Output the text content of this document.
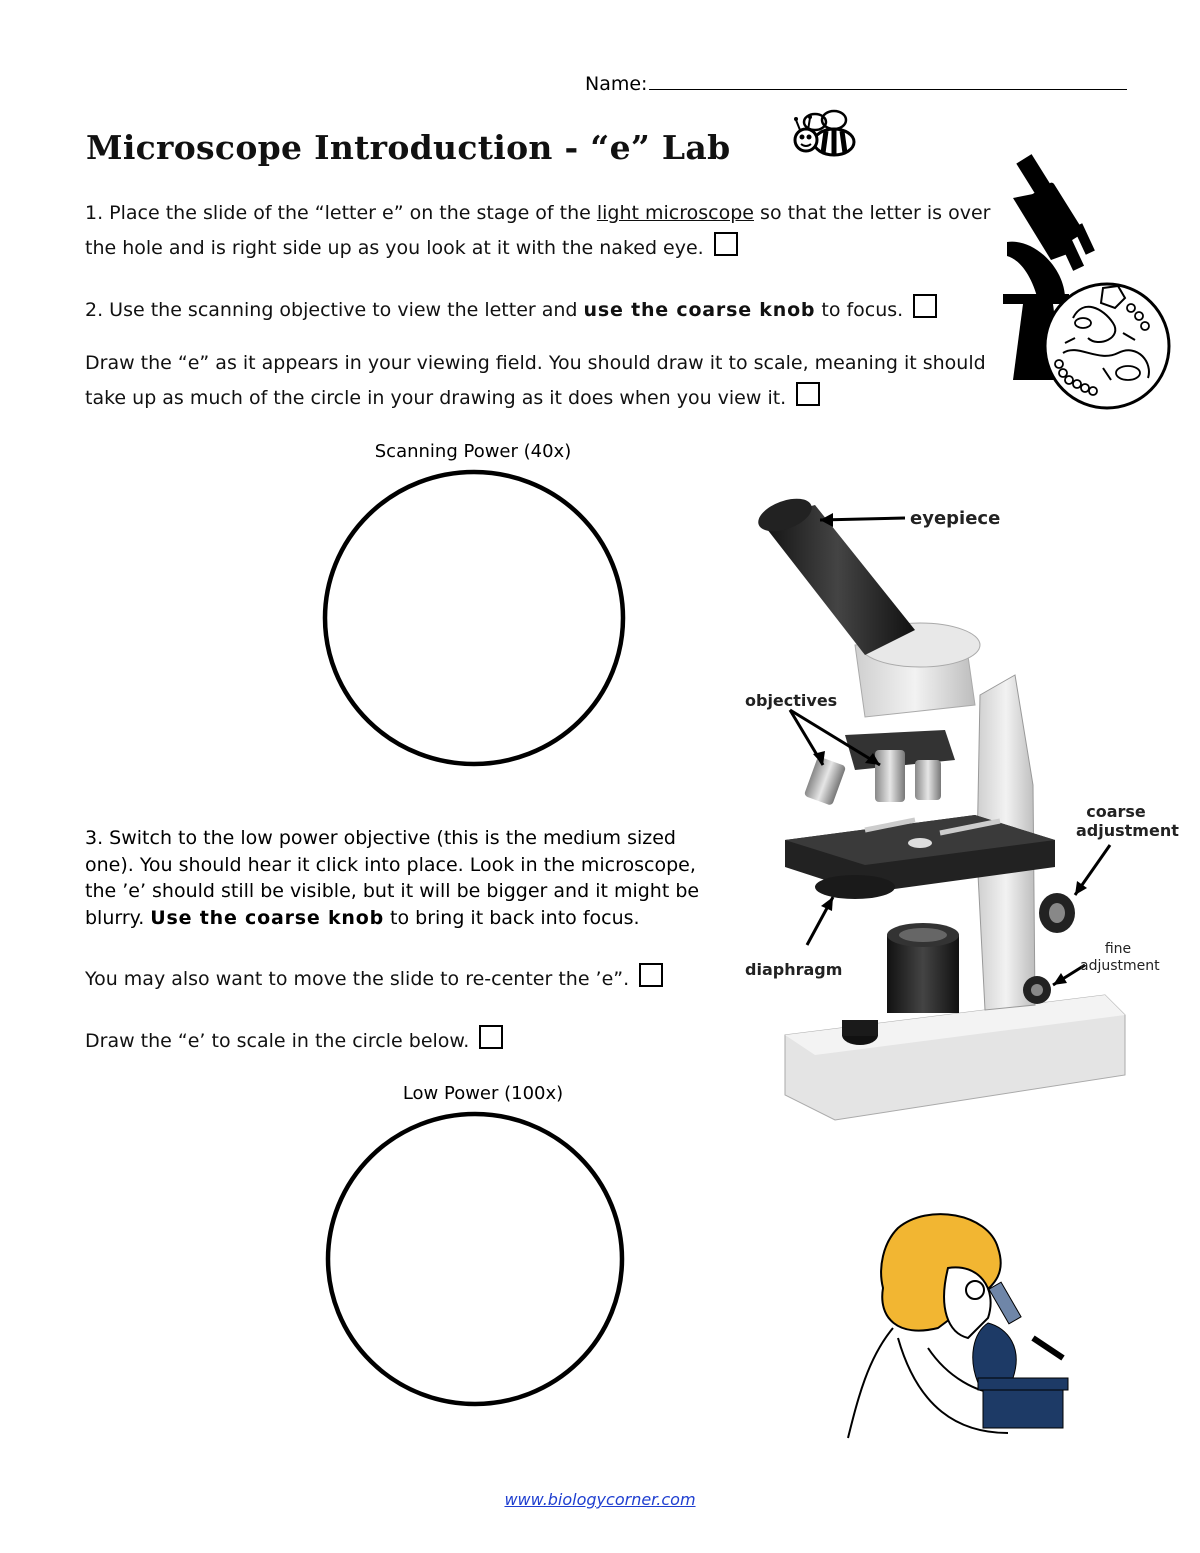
Name:
Microscope Introduction - “e” Lab
1. Place the slide of the “letter e” on the stage of the light microscope so that the letter is over
the hole and is right side up as you look at it with the naked eye.
2. Use the scanning objective to view the letter and use the coarse knob to focus.
Draw the “e” as it appears in your viewing field. You should draw it to scale, meaning it should
take up as much of the circle in your drawing as it does when you view it.
Scanning Power (40x)
3. Switch to the low power objective (this is the medium sized one). You should hear it click into place. Look in the microscope, the ’e’ should still be visible, but it will be bigger and it might be blurry. Use the coarse knob to bring it back into focus.
You may also want to move the slide to re-center the ’e”.
Draw the “e’ to scale in the circle below.
Low Power (100x)
eyepiece
objectives
coarse
adjustment
fine
adjustment
diaphragm
www.biologycorner.com
